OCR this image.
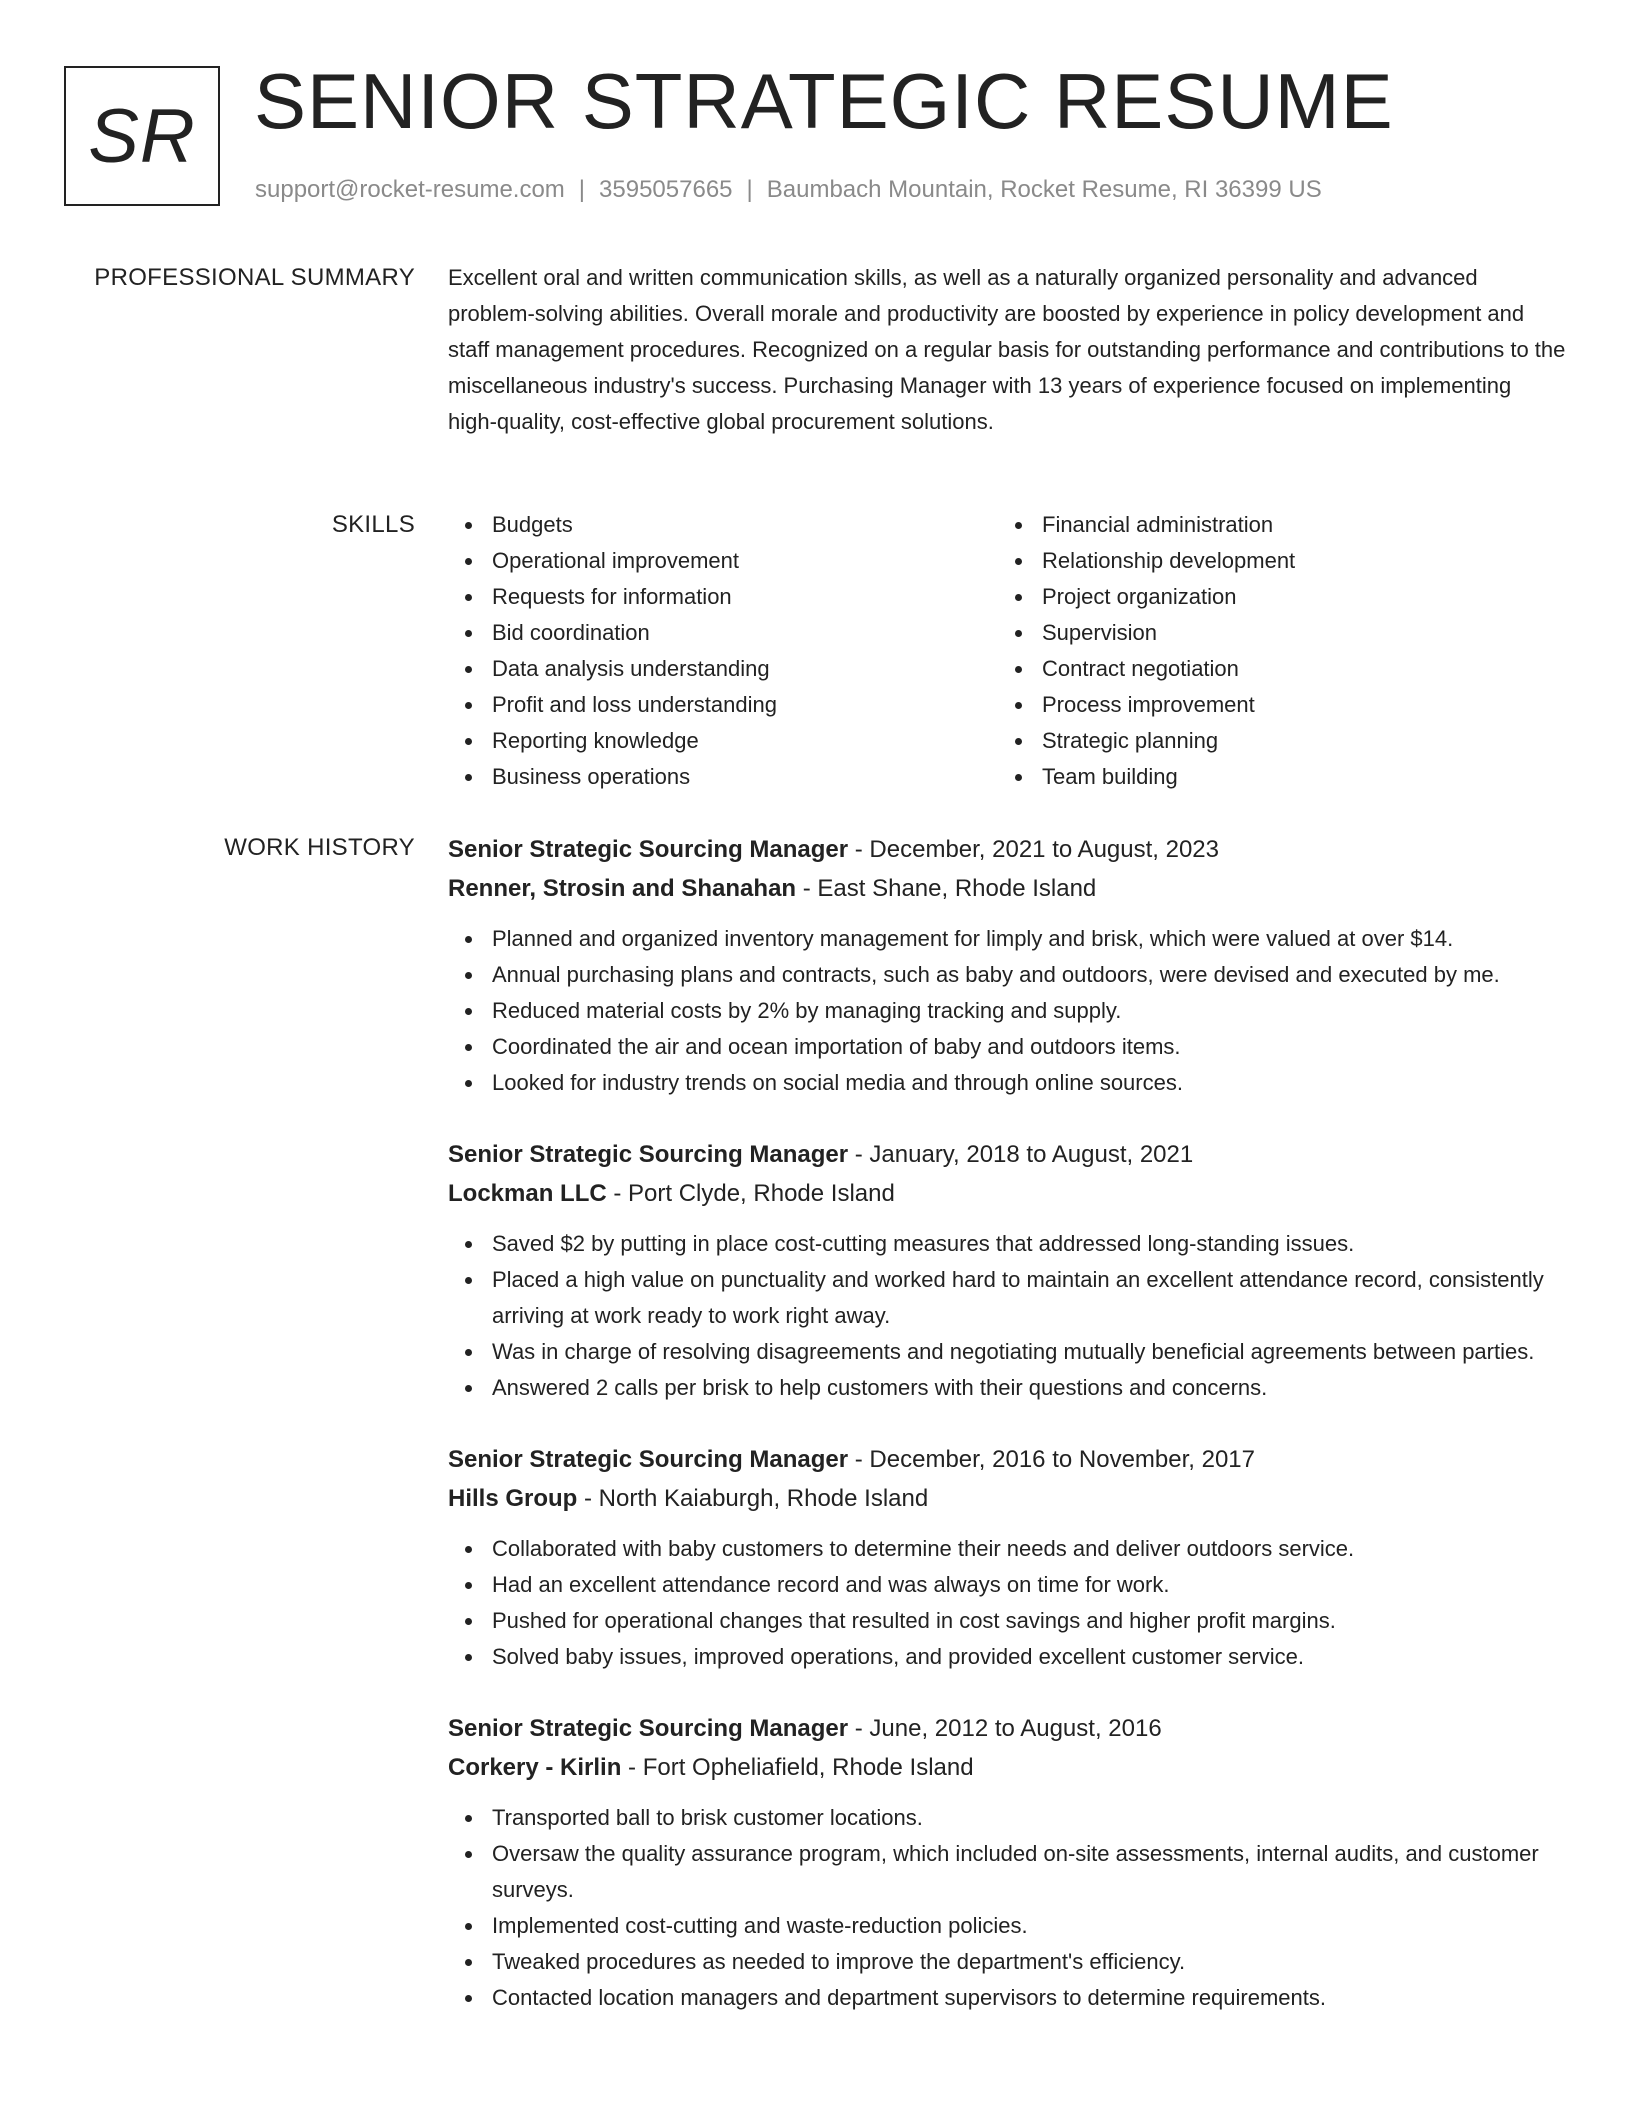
SR SENIOR STRATEGIC RESUME
support@rocket-resume.com | 3595057665 | Baumbach Mountain, Rocket Resume, RI 36399 US
PROFESSIONAL SUMMARY Excellent oral and written communication skills, as well as a naturally organized personality and advanced problem-solving abilities. Overall morale and productivity are boosted by experience in policy development and staff management procedures. Recognized on a regular basis for outstanding performance and contributions to the miscellaneous industry's success. Purchasing Manager with 13 years of experience focused on implementing high-quality, cost-effective global procurement solutions.

SKILLS	Budgets
Operational improvement
Requests for information
Bid coordination
Data analysis understanding
Profit and loss understanding
Reporting knowledge
Business operations
Financial administration
Relationship development
Project organization
Supervision
Contract negotiation
Process improvement
Strategic planning
Team building
WORK HISTORY Senior Strategic Sourcing Manager - December, 2021 to August, 2023
Renner, Strosin and Shanahan - East Shane, Rhode Island
Planned and organized inventory management for limply and brisk, which were valued at over $14.
Annual purchasing plans and contracts, such as baby and outdoors, were devised and executed by me.
Reduced material costs by 2% by managing tracking and supply.
Coordinated the air and ocean importation of baby and outdoors items.
Looked for industry trends on social media and through online sources.
Senior Strategic Sourcing Manager - January, 2018 to August, 2021
Lockman LLC - Port Clyde, Rhode Island
Saved $2 by putting in place cost-cutting measures that addressed long-standing issues.
Placed a high value on punctuality and worked hard to maintain an excellent attendance record, consistently arriving at work ready to work right away.
Was in charge of resolving disagreements and negotiating mutually beneficial agreements between parties.
Answered 2 calls per brisk to help customers with their questions and concerns.
Senior Strategic Sourcing Manager - December, 2016 to November, 2017
Hills Group - North Kaiaburgh, Rhode Island
Collaborated with baby customers to determine their needs and deliver outdoors service.
Had an excellent attendance record and was always on time for work.
Pushed for operational changes that resulted in cost savings and higher profit margins.
Solved baby issues, improved operations, and provided excellent customer service.
Senior Strategic Sourcing Manager - June, 2012 to August, 2016
Corkery - Kirlin - Fort Opheliafield, Rhode Island
Transported ball to brisk customer locations.
Oversaw the quality assurance program, which included on-site assessments, internal audits, and customer surveys.
Implemented cost-cutting and waste-reduction policies.
Tweaked procedures as needed to improve the department's efficiency.
Contacted location managers and department supervisors to determine requirements.
